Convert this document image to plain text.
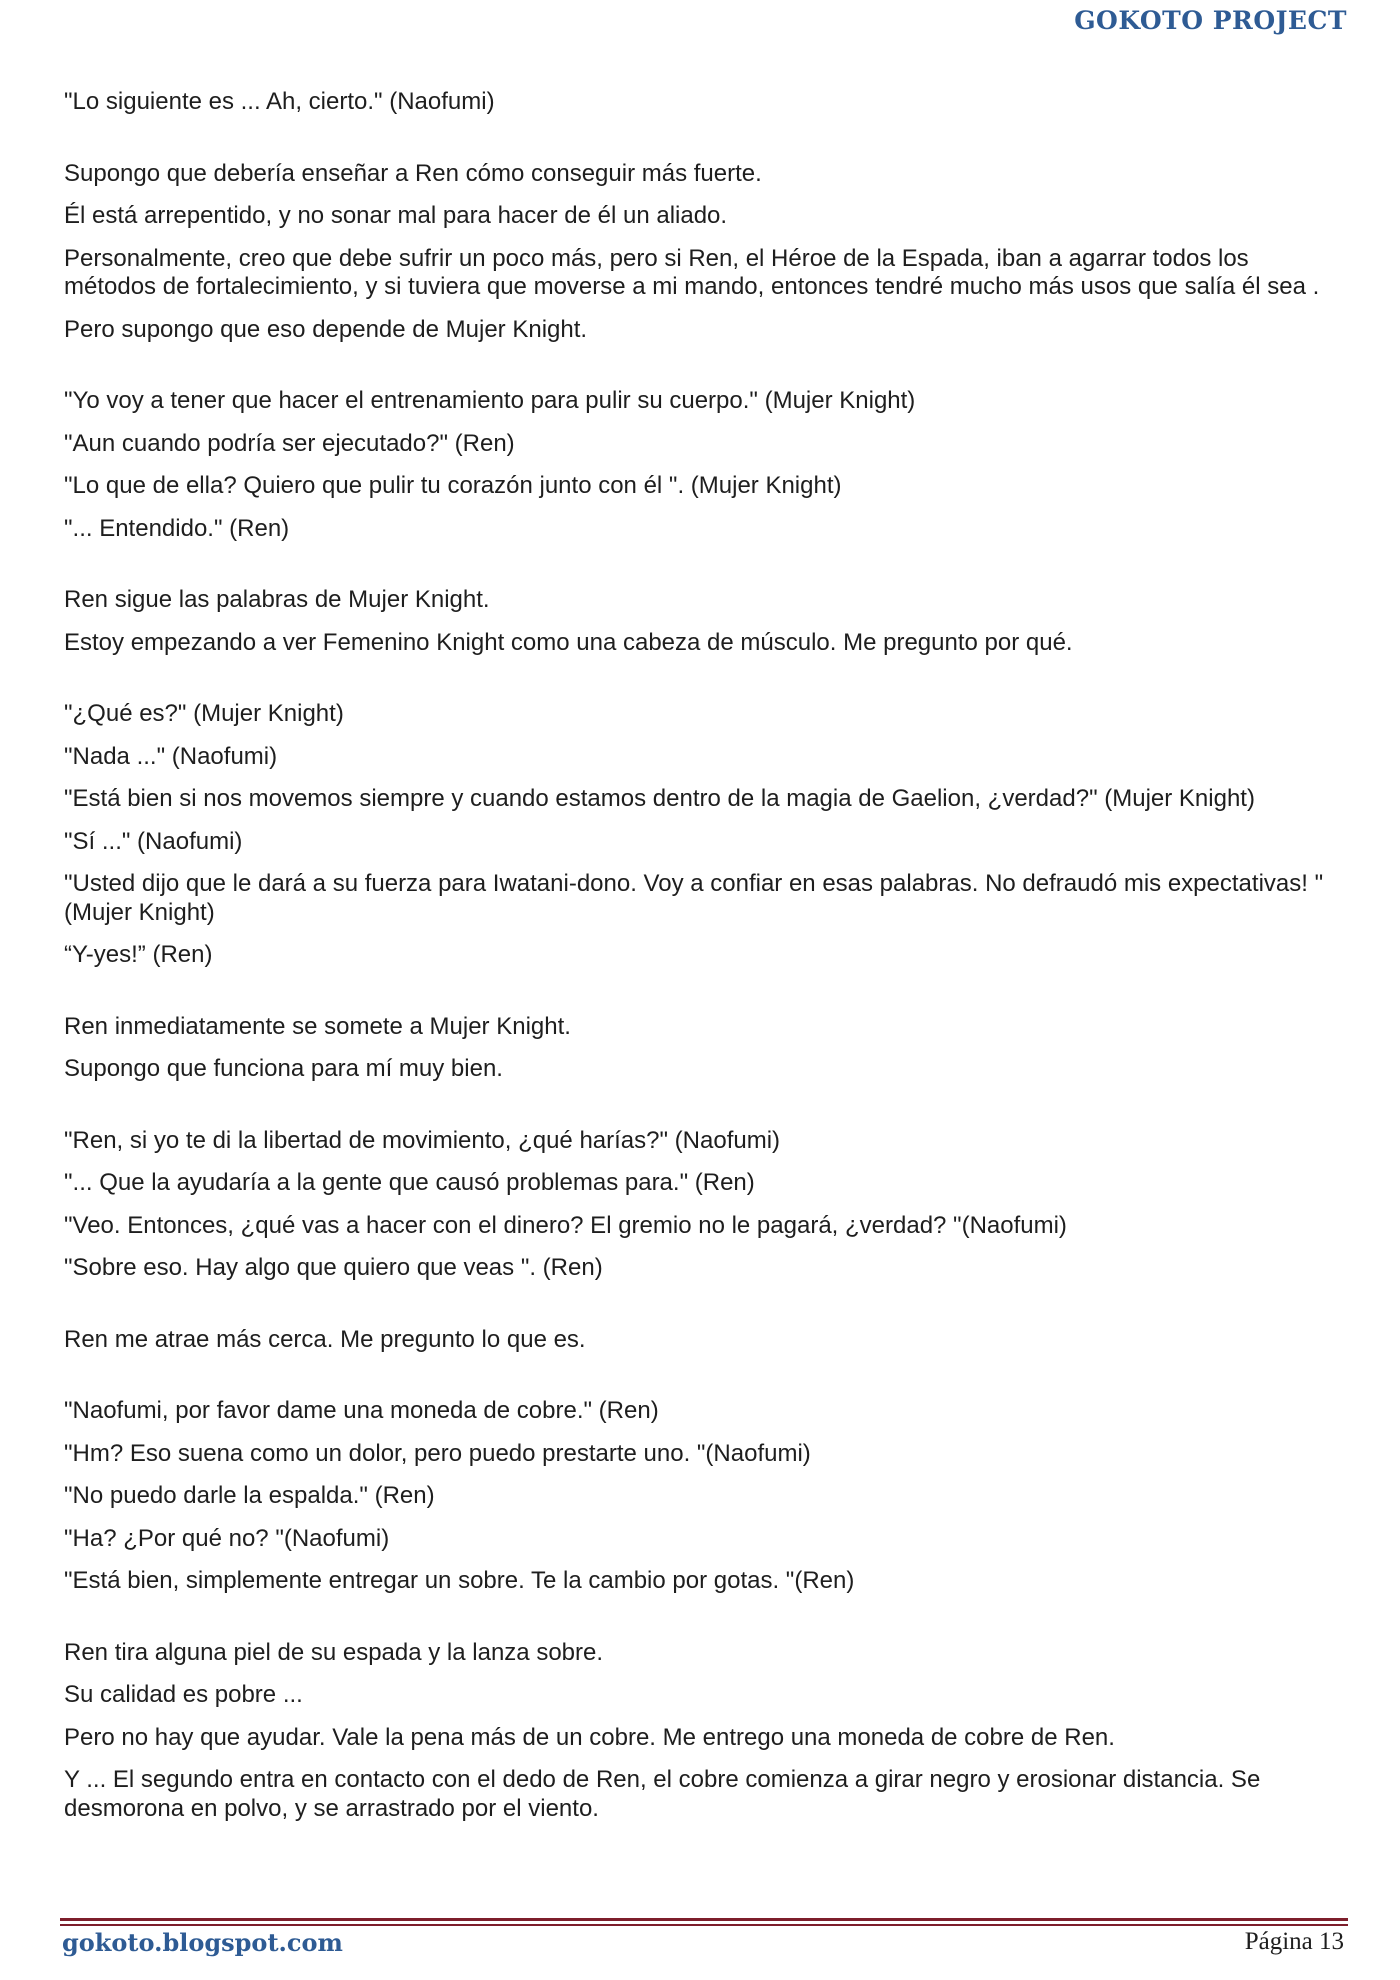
GOKOTO PROJECT

"Lo siguiente es ... Ah, cierto." (Naofumi)

Supongo que debería enseñar a Ren cómo conseguir más fuerte.

Él está arrepentido, y no sonar mal para hacer de él un aliado.

Personalmente, creo que debe sufrir un poco más, pero si Ren, el Héroe de la Espada, iban a agarrar todos los métodos de fortalecimiento, y si tuviera que moverse a mi mando, entonces tendré mucho más usos que salía él sea .

Pero supongo que eso depende de Mujer Knight.

"Yo voy a tener que hacer el entrenamiento para pulir su cuerpo." (Mujer Knight)

"Aun cuando podría ser ejecutado?" (Ren)

"Lo que de ella? Quiero que pulir tu corazón junto con él ". (Mujer Knight)

"... Entendido." (Ren)

Ren sigue las palabras de Mujer Knight.

Estoy empezando a ver Femenino Knight como una cabeza de músculo. Me pregunto por qué.

"¿Qué es?" (Mujer Knight)

"Nada ..." (Naofumi)

"Está bien si nos movemos siempre y cuando estamos dentro de la magia de Gaelion, ¿verdad?" (Mujer Knight)

"Sí ..." (Naofumi)

"Usted dijo que le dará a su fuerza para Iwatani-dono. Voy a confiar en esas palabras. No defraudó mis expectativas! "(Mujer Knight)

“Y-yes!” (Ren)

Ren inmediatamente se somete a Mujer Knight.

Supongo que funciona para mí muy bien.

"Ren, si yo te di la libertad de movimiento, ¿qué harías?" (Naofumi)

"... Que la ayudaría a la gente que causó problemas para." (Ren)

"Veo. Entonces, ¿qué vas a hacer con el dinero? El gremio no le pagará, ¿verdad? "(Naofumi)

"Sobre eso. Hay algo que quiero que veas ". (Ren)

Ren me atrae más cerca. Me pregunto lo que es.

"Naofumi, por favor dame una moneda de cobre." (Ren)

"Hm? Eso suena como un dolor, pero puedo prestarte uno. "(Naofumi)

"No puedo darle la espalda." (Ren)

"Ha? ¿Por qué no? "(Naofumi)

"Está bien, simplemente entregar un sobre. Te la cambio por gotas. "(Ren)

Ren tira alguna piel de su espada y la lanza sobre.

Su calidad es pobre ...

Pero no hay que ayudar. Vale la pena más de un cobre. Me entrego una moneda de cobre de Ren.

Y ... El segundo entra en contacto con el dedo de Ren, el cobre comienza a girar negro y erosionar distancia. Se desmorona en polvo, y se arrastrado por el viento.

gokoto.blogspot.com	Página 13
